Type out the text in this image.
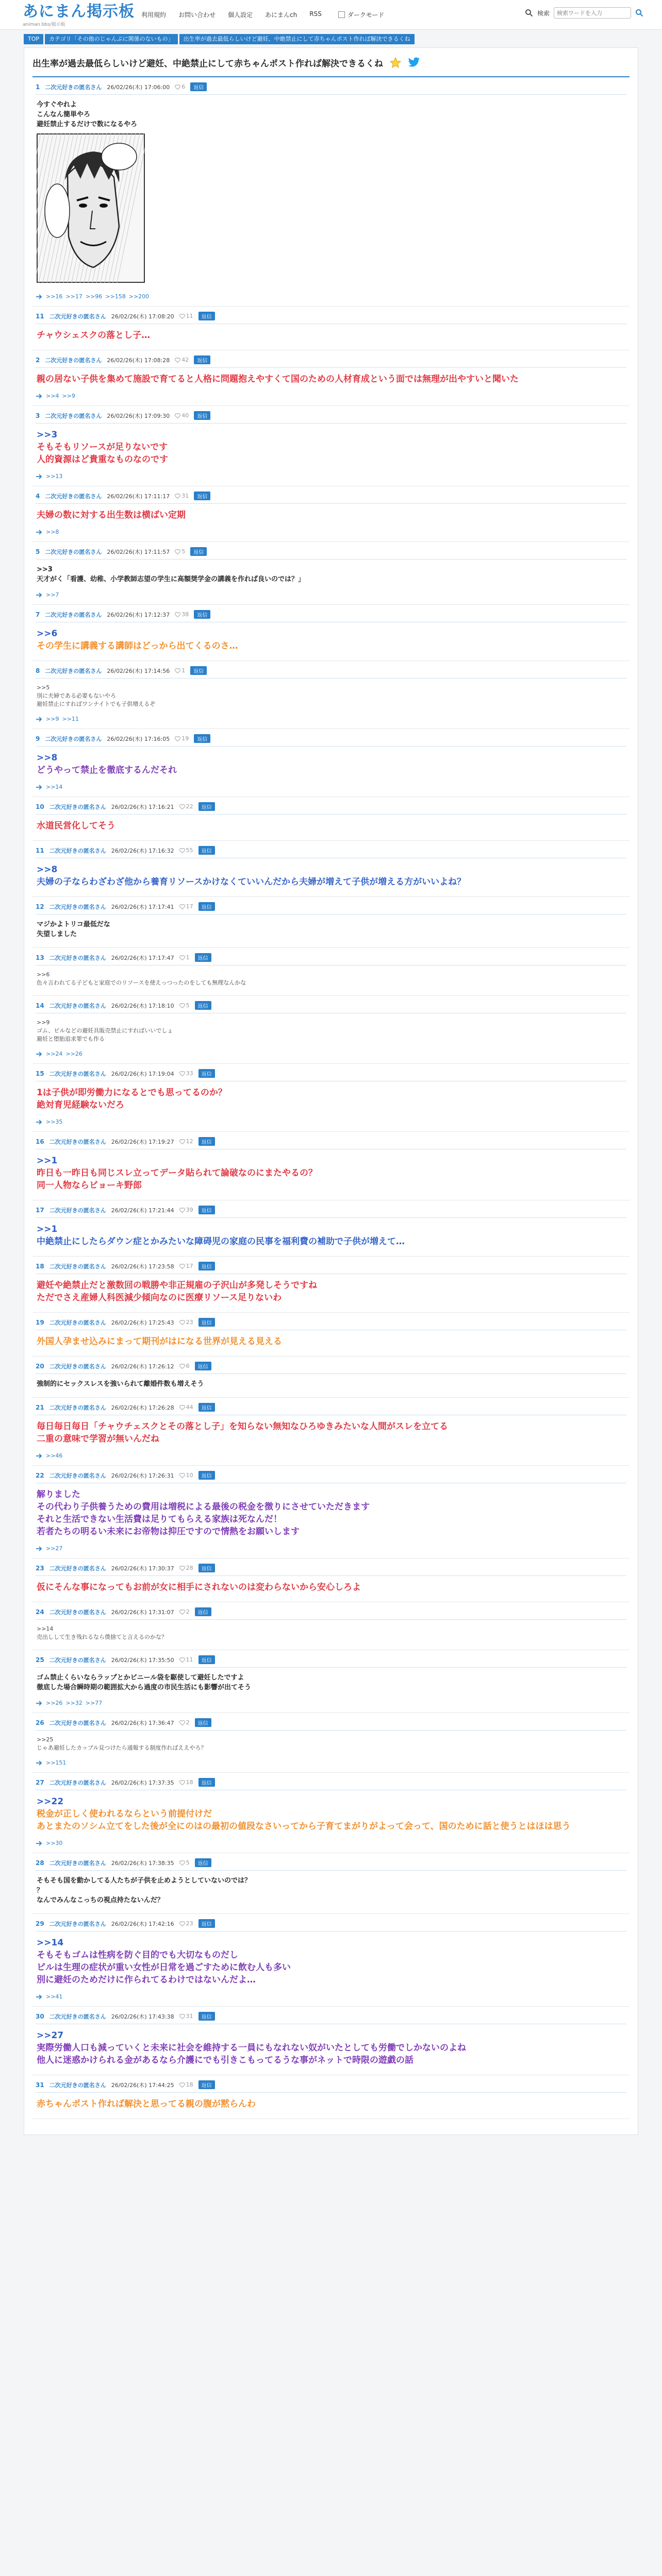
あにまん掲示板
animan bbs/掲示板
利用規約	お問い合わせ	個人設定	あにまんch	RSS	ダークモード	検索
検索ワードを入力
TOP	カテゴリ「その他のじゃんぷに関係のないもの」	出生率が過去最低らしいけど避妊、中絶禁止にして赤ちゃんポスト作れば解決できるくね
出生率が過去最低らしいけど避妊、中絶禁止にして赤ちゃんポスト作れば解決できるくね
1 二次元好きの匿名さん 26/02/26(木) 17:06:00 6	返信
今すぐやれよ
こんなん簡単やろ
避妊禁止するだけで数になるやろ
>>16 >>17 >>96 >>158 >>200
11 二次元好きの匿名さん 26/02/26(木) 17:08:20 11	返信
チャウシェスクの落とし子…
2 二次元好きの匿名さん 26/02/26(木) 17:08:28 42	返信
親の居ない子供を集めて施設で育てると人格に問題抱えやすくて国のための人材育成という面では無理が出やすいと聞いた
>>4 >>9
3 二次元好きの匿名さん 26/02/26(木) 17:09:30 40	返信
>>3
そもそもリソースが足りないです
人的資源はど貴重なものなのです
>>13
4 二次元好きの匿名さん 26/02/26(木) 17:11:17 31	返信
夫婦の数に対する出生数は横ばい定期
>>8
5 二次元好きの匿名さん 26/02/26(木) 17:11:57 5	返信
>>3
天才がく「看護、幼稚、小学教師志望の学生に高額奨学金の講義を作れば良いのでは？」
>>7
7 二次元好きの匿名さん 26/02/26(木) 17:12:37 38	返信
>>6
その学生に講義する講師はどっから出てくるのさ…
8 二次元好きの匿名さん 26/02/26(木) 17:14:56 1	返信
>>5
別に夫婦である必要もないやろ
避妊禁止にすればワンナイトでも子供増えるぞ
>>9 >>11
9 二次元好きの匿名さん 26/02/26(木) 17:16:05 19	返信
>>8
どうやって禁止を徹底するんだそれ
>>14
10 二次元好きの匿名さん 26/02/26(木) 17:16:21 22	返信
水道民営化してそう
11 二次元好きの匿名さん 26/02/26(木) 17:16:32 55	返信
>>8
夫婦の子ならわざわざ他から養育リソースかけなくていいんだから夫婦が増えて子供が増える方がいいよね？
12 二次元好きの匿名さん 26/02/26(木) 17:17:41 17	返信
マジかよトリコ最低だな
失望しました
13 二次元好きの匿名さん 26/02/26(木) 17:17:47 1	返信
>>6
色々言われてる子どもと家庭でのリソースを使えっつったのをしても無理なんかな
14 二次元好きの匿名さん 26/02/26(木) 17:18:10 5	返信
>>9
ゴム、ピルなどの避妊具販売禁止にすればいいでしょ
避妊と堕胎追求罪でも作る
>>24 >>26
15 二次元好きの匿名さん 26/02/26(木) 17:19:04 33	返信
1は子供が即労働力になるとでも思ってるのか？
絶対育児経験ないだろ
>>35
16 二次元好きの匿名さん 26/02/26(木) 17:19:27 12	返信
>>1
昨日も一昨日も同じスレ立ってデータ貼られて論破なのにまたやるの？
同一人物ならビョーキ野郎
17 二次元好きの匿名さん 26/02/26(木) 17:21:44 39	返信
>>1
中絶禁止にしたらダウン症とかみたいな障碍児の家庭の民事を福利費の補助で子供が増えて…
18 二次元好きの匿名さん 26/02/26(木) 17:23:58 17	返信
避妊や絶禁止だと激数回の戦勝や非正規雇の子沢山が多発しそうですね
ただでさえ産婦人科医減少傾向なのに医療リソース足りないわ
19 二次元好きの匿名さん 26/02/26(木) 17:25:43 23	返信
外国人孕ませ込みにまって期刊がはになる世界が見える見える
20 二次元好きの匿名さん 26/02/26(木) 17:26:12 6	返信
強制的にセックスレスを強いられて離婚件数も増えそう
21 二次元好きの匿名さん 26/02/26(木) 17:26:28 44	返信
毎日毎日毎日「チャウチェスクとその落とし子」を知らない無知なひろゆきみたいな人間がスレを立てる
二重の意味で学習が無いんだね
>>46
22 二次元好きの匿名さん 26/02/26(木) 17:26:31 10	返信
解りました
その代わり子供養うための費用は増税による最後の税金を徴りにさせていただきます
それと生活できない生活費は足りてもらえる家族は死なんだ！
若者たちの明るい未来にお帝物は抑圧ですので情熱をお願いします
>>27
23 二次元好きの匿名さん 26/02/26(木) 17:30:37 28	返信
仮にそんな事になってもお前が女に相手にされないのは変わらないから安心しろよ
24 二次元好きの匿名さん 26/02/26(木) 17:31:07 2	返信
>>14
売出しして生き残れるなら僕捨てと言えるのかな？
25 二次元好きの匿名さん 26/02/26(木) 17:35:50 11	返信
ゴム禁止くらいならラップとかビニール袋を駆使して避妊したですよ
徹底した場合瞬時期の範囲拡大から過度の市民生活にも影響が出てそう
>>26 >>32 >>77
26 二次元好きの匿名さん 26/02/26(木) 17:36:47 2	返信
>>25
じゃあ避妊したカップル見つけたら通報する制度作ればええやろ？
>>151
27 二次元好きの匿名さん 26/02/26(木) 17:37:35 18	返信
>>22
税金が正しく使われるならという前提付けだ
あとまたのソシム立てをした後が全にのはの最初の値段なさいってから子育てまがりがよって会って、国のために話と使うとはほは思う
>>30
28 二次元好きの匿名さん 26/02/26(木) 17:38:35 5	返信
そもそも国を動かしてる人たちが子供を止めようとしていないのでは？
？
なんでみんなこっちの視点持たないんだ？
29 二次元好きの匿名さん 26/02/26(木) 17:42:16 23	返信
>>14
そもそもゴムは性病を防ぐ目的でも大切なものだし
ピルは生理の症状が重い女性が日常を過ごすために飲む人も多い
別に避妊のためだけに作られてるわけではないんだよ…
>>41
30 二次元好きの匿名さん 26/02/26(木) 17:43:38 31	返信
>>27
実際労働人口も減っていくと未来に社会を維持する一員にもなれない奴がいたとしても労働でしかないのよね
他人に迷惑かけられる金があるなら介護にでも引きこもってるうな事がネットで時限の遊戯の話
31 二次元好きの匿名さん 26/02/26(木) 17:44:25 18	返信
赤ちゃんポスト作れば解決と思ってる親の腹が黙らんわ
